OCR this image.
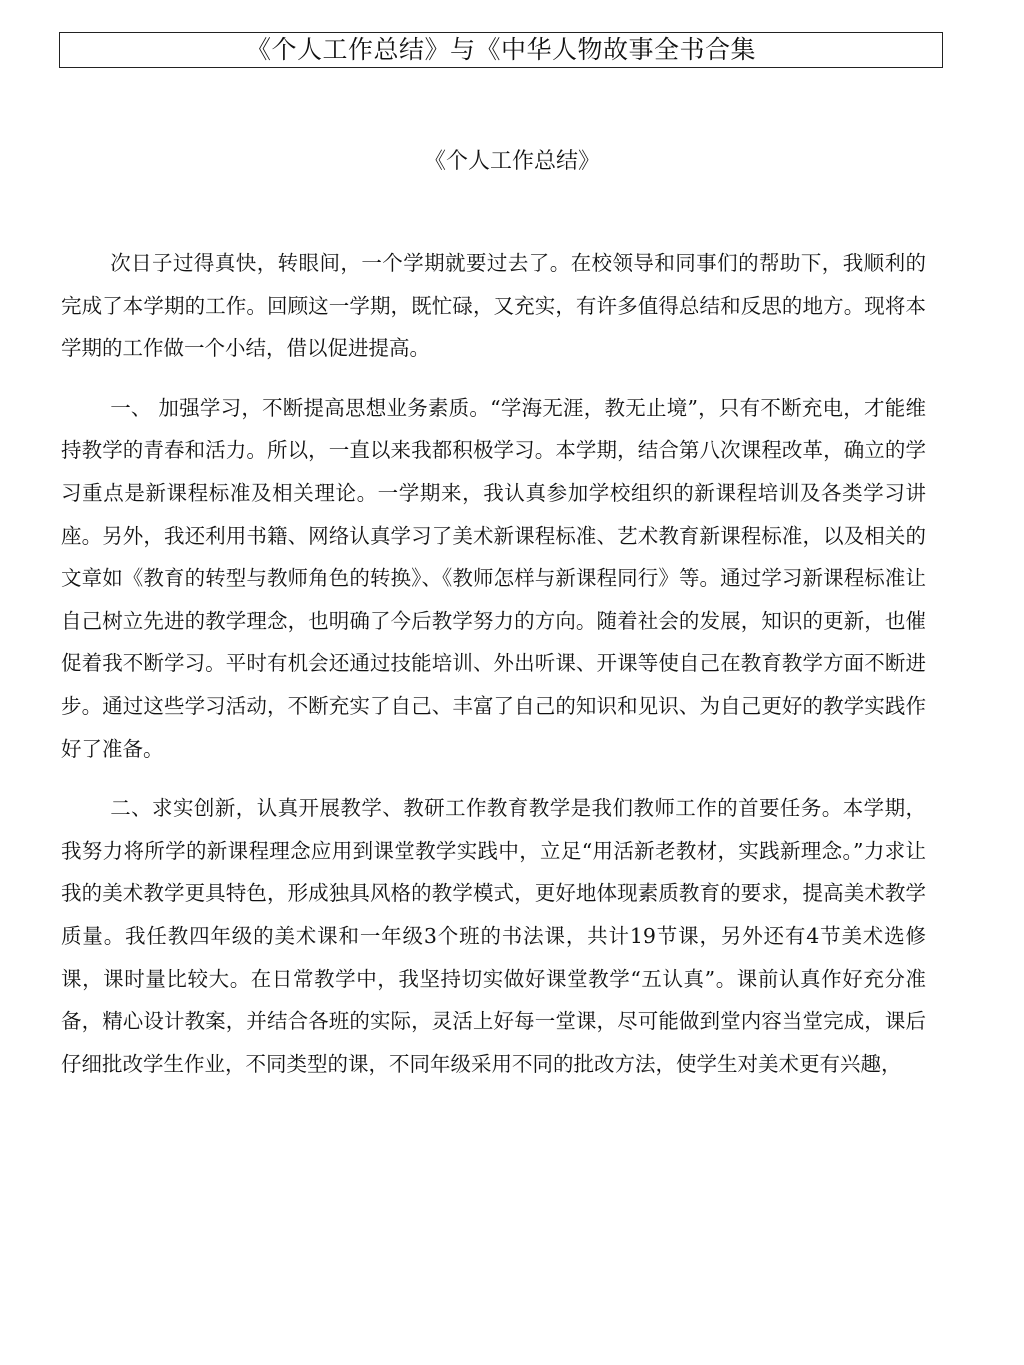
《个人工作总结》与《中华人物故事全书合集
《个人工作总结》

次日子过得真快，转眼间，一个学期就要过去了。在校领导和同事们的帮助下，我顺利的完成了本学期的工作。回顾这一学期，既忙碌，又充实，有许多值得总结和反思的地方。现将本学期的工作做一个小结，借以促进提高。

一、 加强学习，不断提高思想业务素质。“学海无涯，教无止境”，只有不断充电，才能维持教学的青春和活力。所以，一直以来我都积极学习。本学期，结合第八次课程改革，确立的学习重点是新课程标准及相关理论。一学期来，我认真参加学校组织的新课程培训及各类学习讲座。另外，我还利用书籍、网络认真学习了美术新课程标准、艺术教育新课程标准，以及相关的文章如《教育的转型与教师角色的转换》、《教师怎样与新课程同行》等。通过学习新课程标准让自己树立先进的教学理念，也明确了今后教学努力的方向。随着社会的发展，知识的更新，也催促着我不断学习。平时有机会还通过技能培训、外出听课、开课等使自己在教育教学方面不断进步。通过这些学习活动，不断充实了自己、丰富了自己的知识和见识、为自己更好的教学实践作好了准备。

二、求实创新，认真开展教学、教研工作教育教学是我们教师工作的首要任务。本学期，我努力将所学的新课程理念应用到课堂教学实践中，立足“用活新老教材，实践新理念。”力求让我的美术教学更具特色，形成独具风格的教学模式，更好地体现素质教育的要求，提高美术教学质量。我任教四年级的美术课和一年级3个班的书法课，共计19节课，另外还有4节美术选修课，课时量比较大。在日常教学中，我坚持切实做好课堂教学“五认真”。课前认真作好充分准备，精心设计教案，并结合各班的实际，灵活上好每一堂课，尽可能做到堂内容当堂完成，课后仔细批改学生作业，不同类型的课，不同年级采用不同的批改方法，使学生对美术更有兴趣，
